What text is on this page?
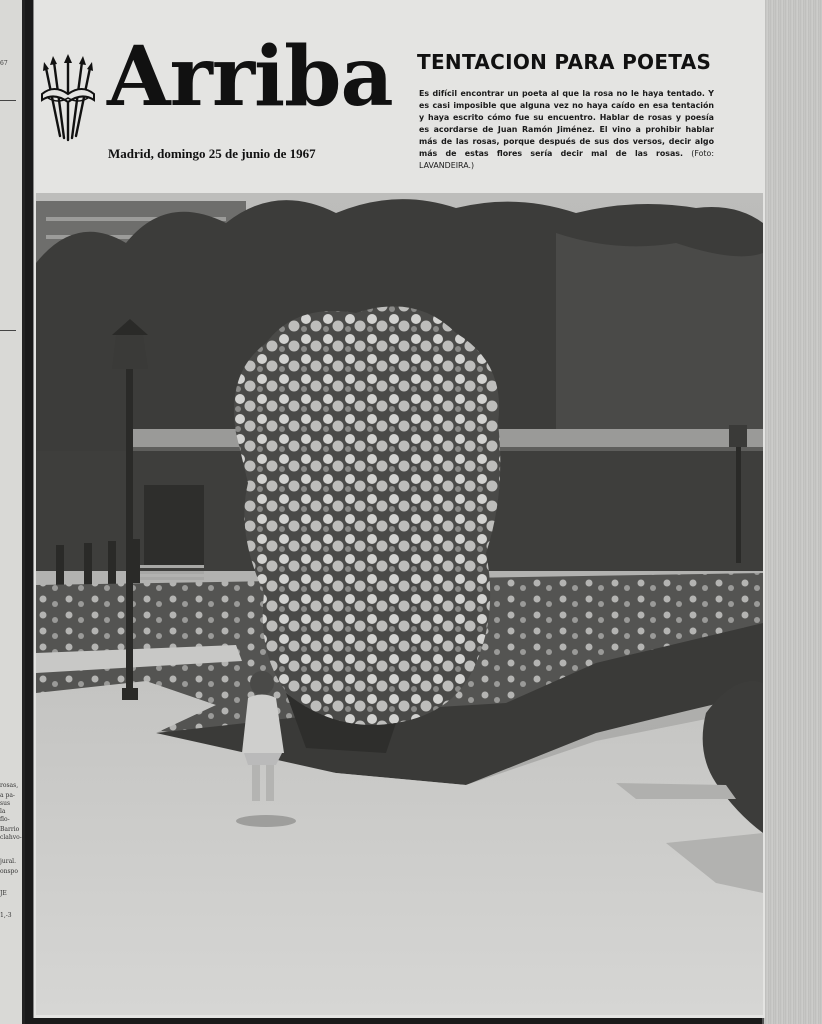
67
rosas,
a pa-
sus
la
flo-
Barrio
clahvo-
jural.
onspo
JE
1,-3
Arriba
Madrid, domingo 25 de junio de 1967
TENTACION PARA POETAS
Es difícil encontrar un poeta al que la rosa no le haya tentado. Y es casi imposible que alguna vez no haya caído en esa tentación y haya escrito cómo fue su encuentro. Hablar de rosas y poesía es acordarse de Juan Ramón Jiménez. El vino a prohibir hablar más de las rosas, porque después de sus dos versos, decir algo más de estas flores sería decir mal de las rosas. (Foto: LAVANDEIRA.)
